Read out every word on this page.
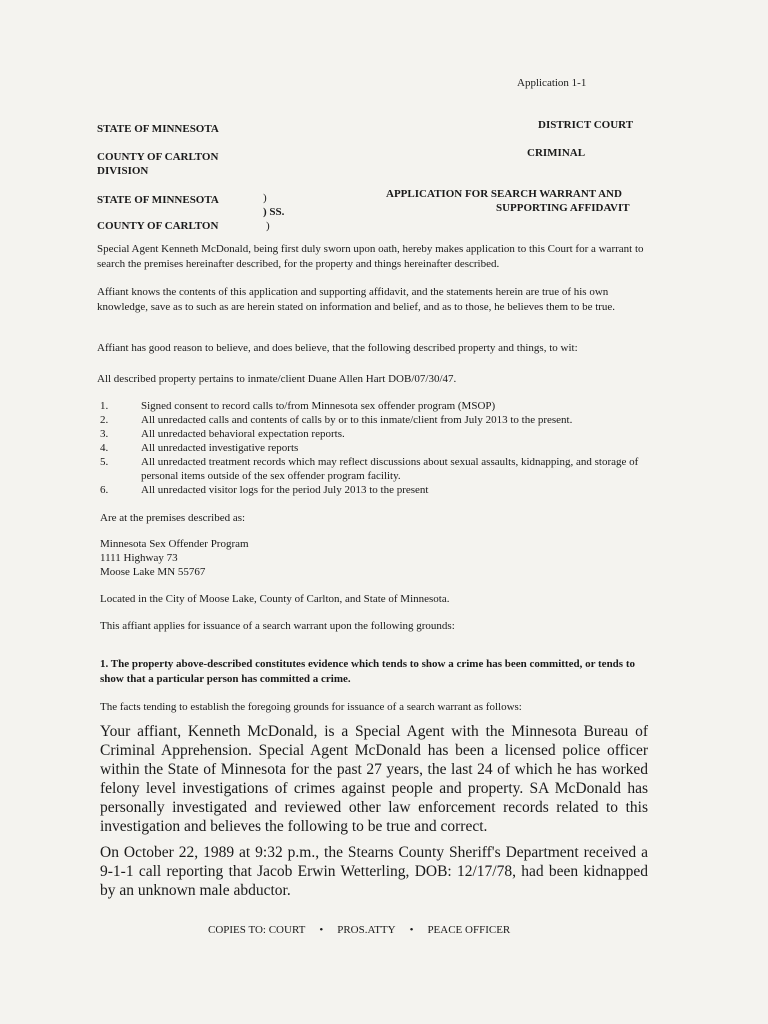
Application 1-1
STATE OF MINNESOTA	DISTRICT COURT
COUNTY OF CARLTON
DIVISION
CRIMINAL
STATE OF MINNESOTA
COUNTY OF CARLTON
)
) SS.
)
APPLICATION FOR SEARCH WARRANT AND
SUPPORTING AFFIDAVIT
Special Agent Kenneth McDonald, being first duly sworn upon oath, hereby makes application to this Court for a warrant to search the premises hereinafter described, for the property and things hereinafter described.
Affiant knows the contents of this application and supporting affidavit, and the statements herein are true of his own knowledge, save as to such as are herein stated on information and belief, and as to those, he believes them to be true.
Affiant has good reason to believe, and does believe, that the following described property and things, to wit:
All described property pertains to inmate/client Duane Allen Hart DOB/07/30/47.
1.	Signed consent to record calls to/from Minnesota sex offender program (MSOP)
2.	All unredacted calls and contents of calls by or to this inmate/client from July 2013 to the present.
3.	All unredacted behavioral expectation reports.
4.	All unredacted investigative reports
5.	All unredacted treatment records which may reflect discussions about sexual assaults, kidnapping, and storage of personal items outside of the sex offender program facility.
6.	All unredacted visitor logs for the period July 2013 to the present
Are at the premises described as:
Minnesota Sex Offender Program
1111 Highway 73
Moose Lake MN 55767
Located in the City of Moose Lake, County of Carlton, and State of Minnesota.
This affiant applies for issuance of a search warrant upon the following grounds:
1. The property above-described constitutes evidence which tends to show a crime has been committed, or tends to show that a particular person has committed a crime.
The facts tending to establish the foregoing grounds for issuance of a search warrant as follows:
Your affiant, Kenneth McDonald, is a Special Agent with the Minnesota Bureau of Criminal Apprehension. Special Agent McDonald has been a licensed police officer within the State of Minnesota for the past 27 years, the last 24 of which he has worked felony level investigations of crimes against people and property. SA McDonald has personally investigated and reviewed other law enforcement records related to this investigation and believes the following to be true and correct.
On October 22, 1989 at 9:32 p.m., the Stearns County Sheriff's Department received a 9-1-1 call reporting that Jacob Erwin Wetterling, DOB: 12/17/78, had been kidnapped by an unknown male abductor.
COPIES TO: COURT • PROS.ATTY • PEACE OFFICER
